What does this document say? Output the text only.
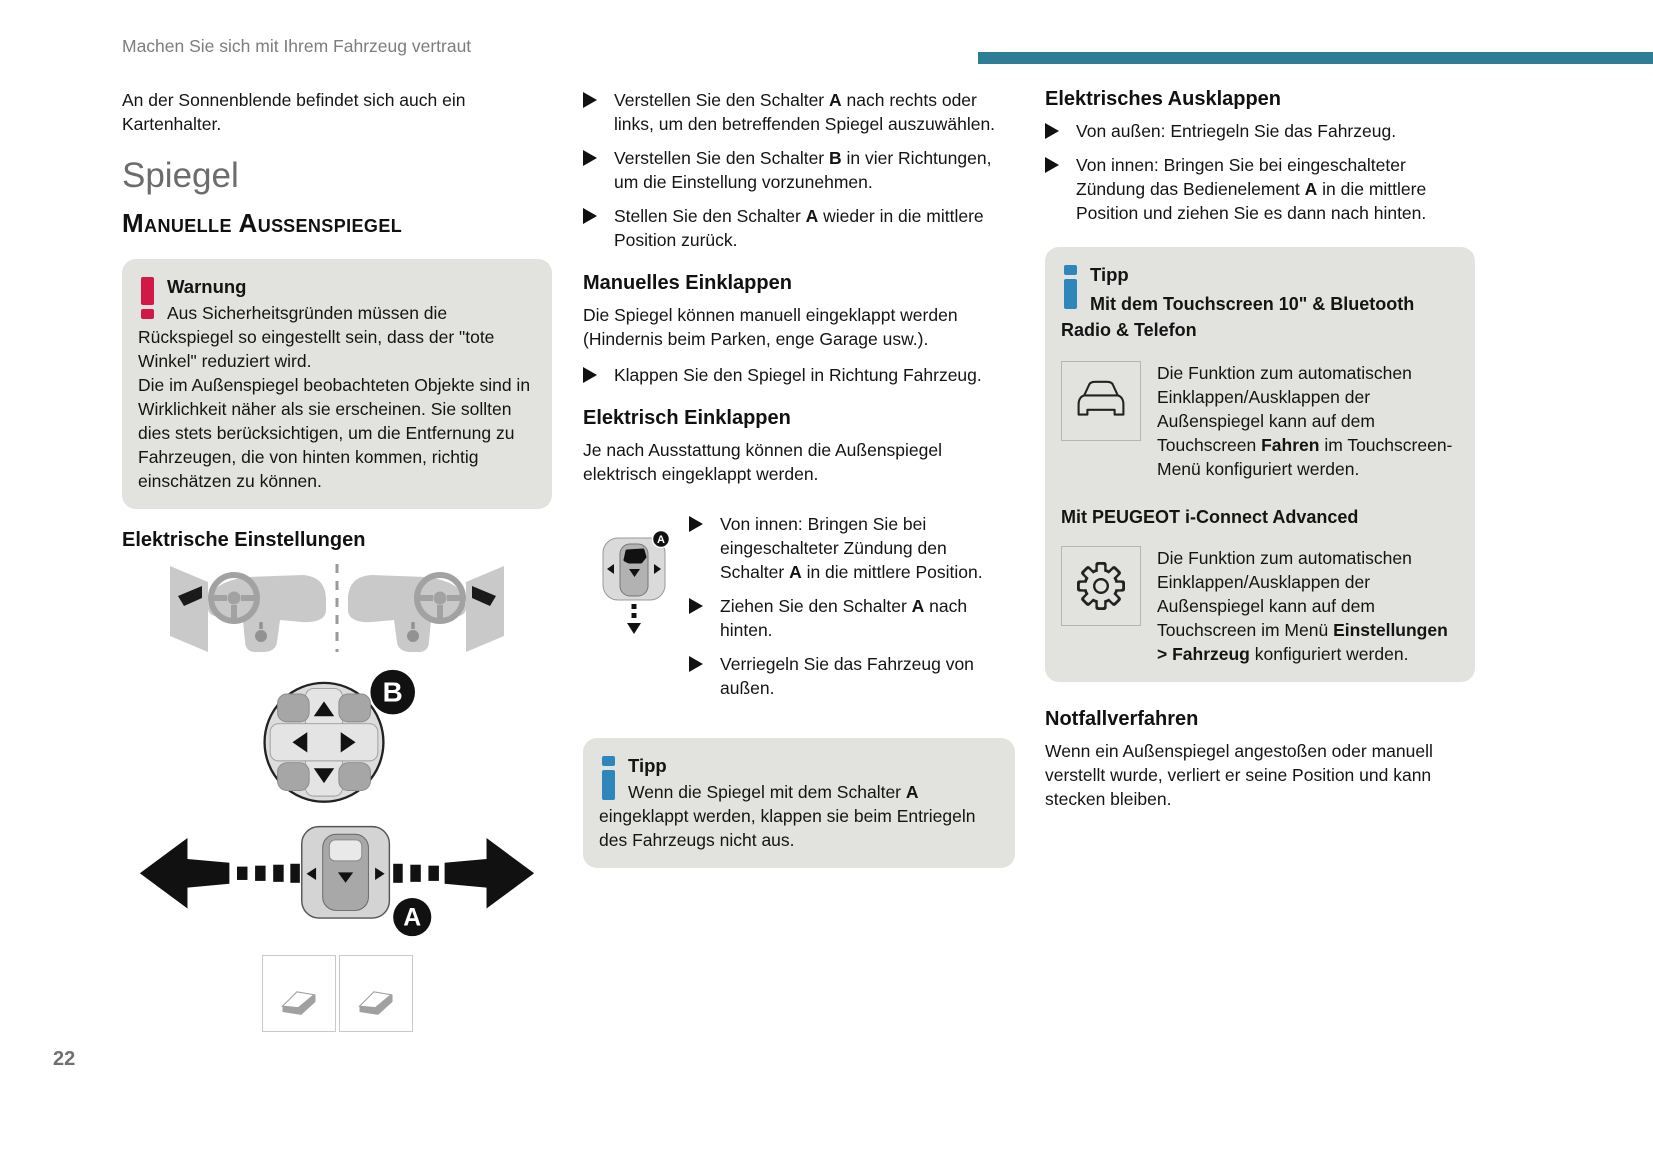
Machen Sie sich mit Ihrem Fahrzeug vertraut

An der Sonnenblende befindet sich auch ein Kartenhalter.

Spiegel
Manuelle Außenspiegel
Warnung

Aus Sicherheitsgründen müssen die Rückspiegel so eingestellt sein, dass der "tote Winkel" reduziert wird.

Die im Außenspiegel beobachteten Objekte sind in Wirklichkeit näher als sie erscheinen. Sie sollten dies stets berücksichtigen, um die Entfernung zu Fahrzeugen, die von hinten kommen, richtig einschätzen zu können.

Elektrische Einstellungen
B
A
Verstellen Sie den Schalter A nach rechts oder links, um den betreffenden Spiegel auszuwählen.
Verstellen Sie den Schalter B in vier Richtungen, um die Einstellung vorzunehmen.
Stellen Sie den Schalter A wieder in die mittlere Position zurück.
Manuelles Einklappen

Die Spiegel können manuell eingeklappt werden (Hindernis beim Parken, enge Garage usw.).

Klappen Sie den Spiegel in Richtung Fahrzeug.
Elektrisch Einklappen

Je nach Ausstattung können die Außenspiegel elektrisch eingeklappt werden.

A
Von innen: Bringen Sie bei eingeschalteter Zündung den Schalter A in die mittlere Position.
Ziehen Sie den Schalter A nach hinten.
Verriegeln Sie das Fahrzeug von außen.
Tipp

Wenn die Spiegel mit dem Schalter A eingeklappt werden, klappen sie beim Entriegeln des Fahrzeugs nicht aus.

Elektrisches Ausklappen
Von außen: Entriegeln Sie das Fahrzeug.
Von innen: Bringen Sie bei eingeschalteter Zündung das Bedienelement A in die mittlere Position und ziehen Sie es dann nach hinten.
Tipp
Mit dem Touchscreen 10" & Bluetooth Radio & Telefon

Die Funktion zum automatischen Einklappen/Ausklappen der Außenspiegel kann auf dem Touchscreen Fahren im Touchscreen-Menü konfiguriert werden.

Mit PEUGEOT i-Connect Advanced

Die Funktion zum automatischen Einklappen/Ausklappen der Außenspiegel kann auf dem Touchscreen im Menü Einstellungen > Fahrzeug konfiguriert werden.

Notfallverfahren

Wenn ein Außenspiegel angestoßen oder manuell verstellt wurde, verliert er seine Position und kann stecken bleiben.

22
